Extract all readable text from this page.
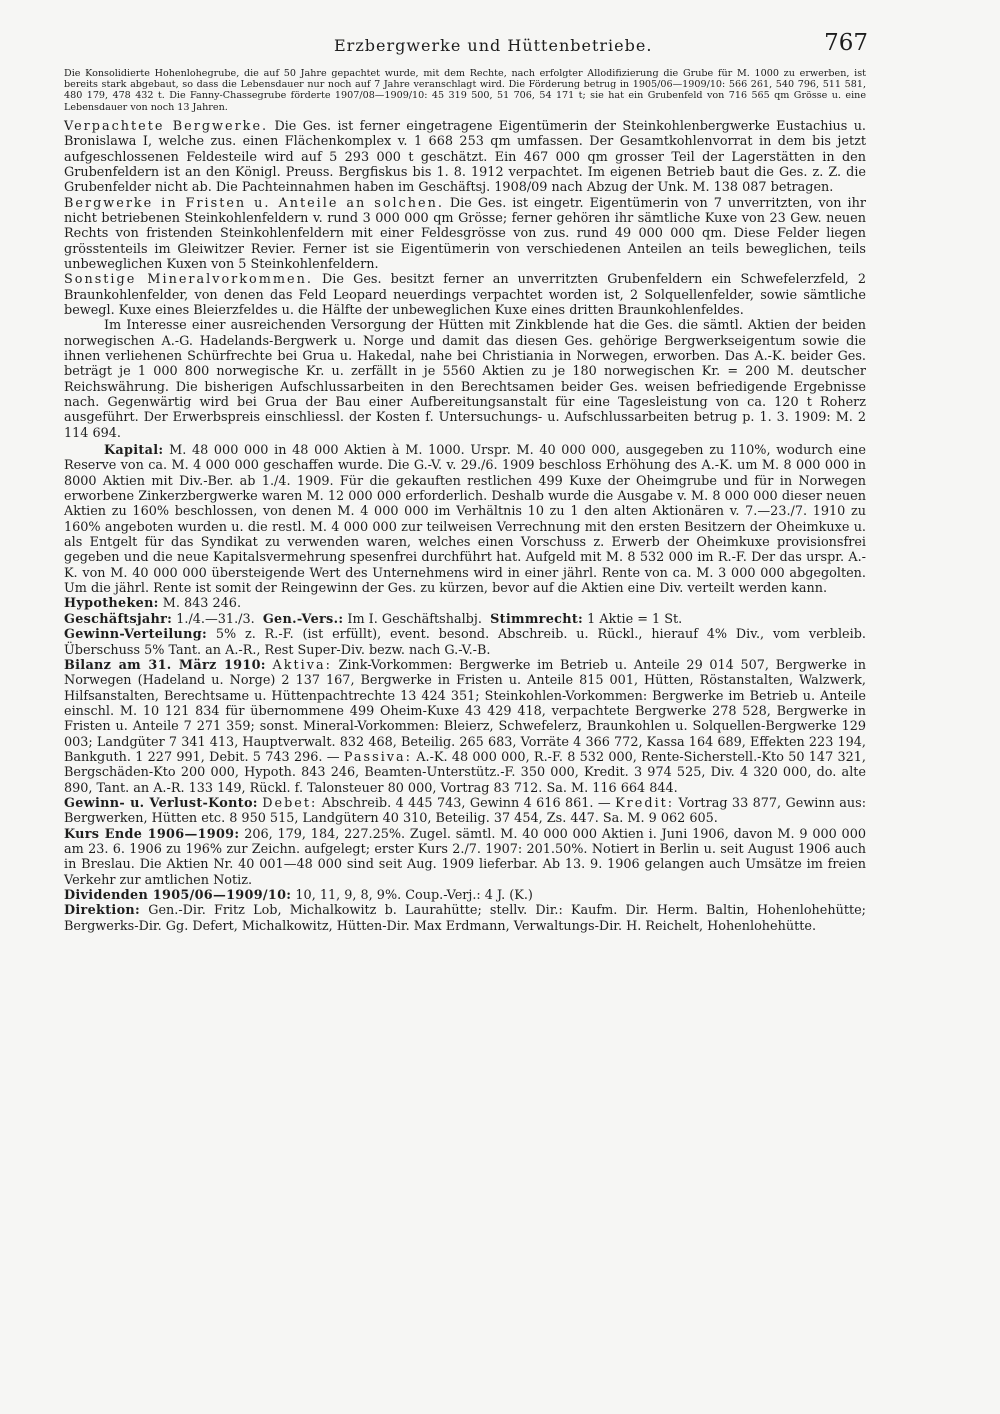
Erzbergwerke und Hüttenbetriebe.	767

Die Konsolidierte Hohenlohegrube, die auf 50 Jahre gepachtet wurde, mit dem Rechte, nach erfolgter Allodifizierung die Grube für M. 1000 zu erwerben, ist bereits stark abgebaut, so dass die Lebensdauer nur noch auf 7 Jahre veranschlagt wird. Die Förderung betrug in 1905/06—1909/10: 566 261, 540 796, 511 581, 480 179, 478 432 t. Die Fanny-Chassegrube förderte 1907/08—1909/10: 45 319 500, 51 706, 54 171 t; sie hat ein Grubenfeld von 716 565 qm Grösse u. eine Lebensdauer von noch 13 Jahren.

Verpachtete Bergwerke. Die Ges. ist ferner eingetragene Eigentümerin der Steinkohlenbergwerke Eustachius u. Bronislawa I, welche zus. einen Flächenkomplex v. 1 668 253 qm umfassen. Der Gesamtkohlenvorrat in dem bis jetzt aufgeschlossenen Feldesteile wird auf 5 293 000 t geschätzt. Ein 467 000 qm grosser Teil der Lagerstätten in den Grubenfeldern ist an den Königl. Preuss. Bergfiskus bis 1. 8. 1912 verpachtet. Im eigenen Betrieb baut die Ges. z. Z. die Grubenfelder nicht ab. Die Pachteinnahmen haben im Geschäftsj. 1908/09 nach Abzug der Unk. M. 138 087 betragen.

Bergwerke in Fristen u. Anteile an solchen. Die Ges. ist eingetr. Eigentümerin von 7 unverritzten, von ihr nicht betriebenen Steinkohlenfeldern v. rund 3 000 000 qm Grösse; ferner gehören ihr sämtliche Kuxe von 23 Gew. neuen Rechts von fristenden Steinkohlenfeldern mit einer Feldesgrösse von zus. rund 49 000 000 qm. Diese Felder liegen grösstenteils im Gleiwitzer Revier. Ferner ist sie Eigentümerin von verschiedenen Anteilen an teils beweglichen, teils unbeweglichen Kuxen von 5 Steinkohlenfeldern.

Sonstige Mineralvorkommen. Die Ges. besitzt ferner an unverritzten Grubenfeldern ein Schwefelerzfeld, 2 Braunkohlenfelder, von denen das Feld Leopard neuerdings verpachtet worden ist, 2 Solquellenfelder, sowie sämtliche bewegl. Kuxe eines Bleierzfeldes u. die Hälfte der unbeweglichen Kuxe eines dritten Braunkohlenfeldes.

Im Interesse einer ausreichenden Versorgung der Hütten mit Zinkblende hat die Ges. die sämtl. Aktien der beiden norwegischen A.-G. Hadelands-Bergwerk u. Norge und damit das diesen Ges. gehörige Bergwerkseigentum sowie die ihnen verliehenen Schürfrechte bei Grua u. Hakedal, nahe bei Christiania in Norwegen, erworben. Das A.-K. beider Ges. beträgt je 1 000 800 norwegische Kr. u. zerfällt in je 5560 Aktien zu je 180 norwegischen Kr. = 200 M. deutscher Reichswährung. Die bisherigen Aufschlussarbeiten in den Berechtsamen beider Ges. weisen befriedigende Ergebnisse nach. Gegenwärtig wird bei Grua der Bau einer Aufbereitungsanstalt für eine Tagesleistung von ca. 120 t Roherz ausgeführt. Der Erwerbspreis einschliessl. der Kosten f. Untersuchungs- u. Aufschlussarbeiten betrug p. 1. 3. 1909: M. 2 114 694.

Kapital: M. 48 000 000 in 48 000 Aktien à M. 1000. Urspr. M. 40 000 000, ausgegeben zu 110%, wodurch eine Reserve von ca. M. 4 000 000 geschaffen wurde. Die G.-V. v. 29./6. 1909 beschloss Erhöhung des A.-K. um M. 8 000 000 in 8000 Aktien mit Div.-Ber. ab 1./4. 1909. Für die gekauften restlichen 499 Kuxe der Oheimgrube und für in Norwegen erworbene Zinkerzbergwerke waren M. 12 000 000 erforderlich. Deshalb wurde die Ausgabe v. M. 8 000 000 dieser neuen Aktien zu 160% beschlossen, von denen M. 4 000 000 im Verhältnis 10 zu 1 den alten Aktionären v. 7.—23./7. 1910 zu 160% angeboten wurden u. die restl. M. 4 000 000 zur teilweisen Verrechnung mit den ersten Besitzern der Oheimkuxe u. als Entgelt für das Syndikat zu verwenden waren, welches einen Vorschuss z. Erwerb der Oheimkuxe provisionsfrei gegeben und die neue Kapitalsvermehrung spesenfrei durchführt hat. Aufgeld mit M. 8 532 000 im R.-F. Der das urspr. A.-K. von M. 40 000 000 übersteigende Wert des Unternehmens wird in einer jährl. Rente von ca. M. 3 000 000 abgegolten. Um die jährl. Rente ist somit der Reingewinn der Ges. zu kürzen, bevor auf die Aktien eine Div. verteilt werden kann.

Hypotheken: M. 843 246.

Geschäftsjahr: 1./4.—31./3. Gen.-Vers.: Im I. Geschäftshalbj. Stimmrecht: 1 Aktie = 1 St.

Gewinn-Verteilung: 5% z. R.-F. (ist erfüllt), event. besond. Abschreib. u. Rückl., hierauf 4% Div., vom verbleib. Überschuss 5% Tant. an A.-R., Rest Super-Div. bezw. nach G.-V.-B.

Bilanz am 31. März 1910: Aktiva: Zink-Vorkommen: Bergwerke im Betrieb u. Anteile 29 014 507, Bergwerke in Norwegen (Hadeland u. Norge) 2 137 167, Bergwerke in Fristen u. Anteile 815 001, Hütten, Röstanstalten, Walzwerk, Hilfsanstalten, Berechtsame u. Hüttenpachtrechte 13 424 351; Steinkohlen-Vorkommen: Bergwerke im Betrieb u. Anteile einschl. M. 10 121 834 für übernommene 499 Oheim-Kuxe 43 429 418, verpachtete Bergwerke 278 528, Bergwerke in Fristen u. Anteile 7 271 359; sonst. Mineral-Vorkommen: Bleierz, Schwefelerz, Braunkohlen u. Solquellen-Bergwerke 129 003; Landgüter 7 341 413, Hauptverwalt. 832 468, Beteilig. 265 683, Vorräte 4 366 772, Kassa 164 689, Effekten 223 194, Bankguth. 1 227 991, Debit. 5 743 296. — Passiva: A.-K. 48 000 000, R.-F. 8 532 000, Rente-Sicherstell.-Kto 50 147 321, Bergschäden-Kto 200 000, Hypoth. 843 246, Beamten-Unterstütz.-F. 350 000, Kredit. 3 974 525, Div. 4 320 000, do. alte 890, Tant. an A.-R. 133 149, Rückl. f. Talonsteuer 80 000, Vortrag 83 712. Sa. M. 116 664 844.

Gewinn- u. Verlust-Konto: Debet: Abschreib. 4 445 743, Gewinn 4 616 861. — Kredit: Vortrag 33 877, Gewinn aus: Bergwerken, Hütten etc. 8 950 515, Landgütern 40 310, Beteilig. 37 454, Zs. 447. Sa. M. 9 062 605.

Kurs Ende 1906—1909: 206, 179, 184, 227.25%. Zugel. sämtl. M. 40 000 000 Aktien i. Juni 1906, davon M. 9 000 000 am 23. 6. 1906 zu 196% zur Zeichn. aufgelegt; erster Kurs 2./7. 1907: 201.50%. Notiert in Berlin u. seit August 1906 auch in Breslau. Die Aktien Nr. 40 001—48 000 sind seit Aug. 1909 lieferbar. Ab 13. 9. 1906 gelangen auch Umsätze im freien Verkehr zur amtlichen Notiz.

Dividenden 1905/06—1909/10: 10, 11, 9, 8, 9%. Coup.-Verj.: 4 J. (K.)

Direktion: Gen.-Dir. Fritz Lob, Michalkowitz b. Laurahütte; stellv. Dir.: Kaufm. Dir. Herm. Baltin, Hohenlohehütte; Bergwerks-Dir. Gg. Defert, Michalkowitz, Hütten-Dir. Max Erdmann, Verwaltungs-Dir. H. Reichelt, Hohenlohehütte.
